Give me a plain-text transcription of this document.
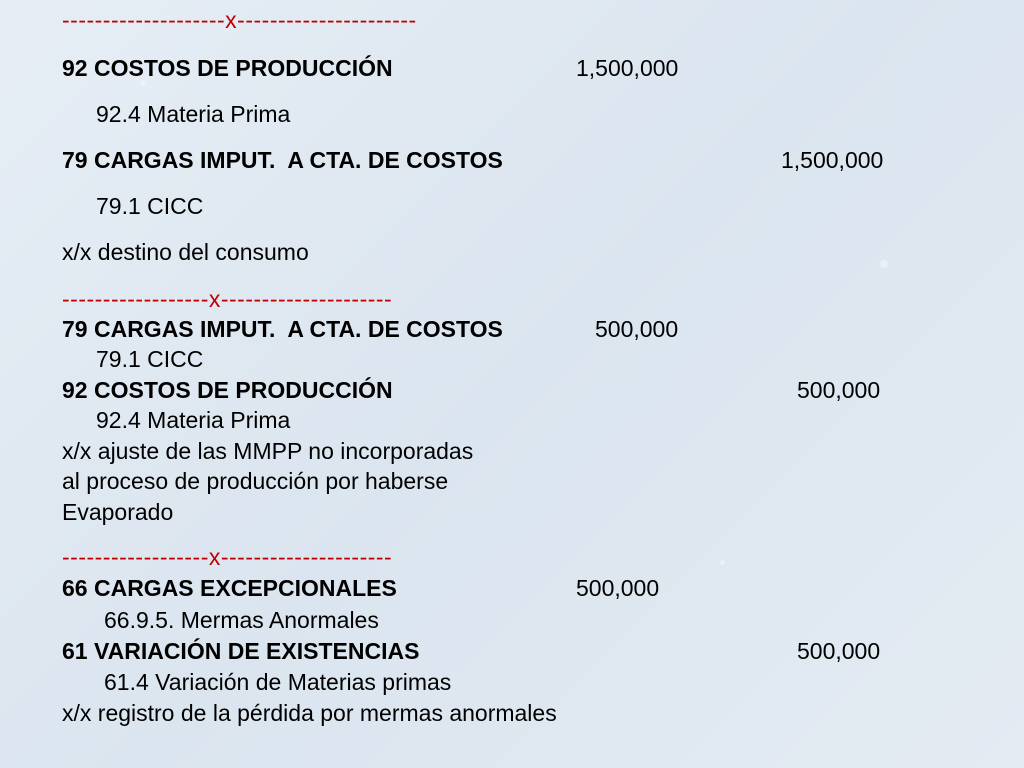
--------------------x----------------------
92 COSTOS DE PRODUCCIÓN	1,500,000
92.4 Materia Prima
79 CARGAS IMPUT.  A CTA. DE COSTOS	1,500,000
79.1 CICC
x/x destino del consumo
------------------x---------------------
79 CARGAS IMPUT.  A CTA. DE COSTOS	500,000
79.1 CICC
92 COSTOS DE PRODUCCIÓN	500,000
92.4 Materia Prima
x/x ajuste de las MMPP no incorporadas
al proceso de producción por haberse
Evaporado
------------------x---------------------
66 CARGAS EXCEPCIONALES	500,000
66.9.5. Mermas Anormales
61 VARIACIÓN DE EXISTENCIAS	500,000
61.4 Variación de Materias primas
x/x registro de la pérdida por mermas anormales
